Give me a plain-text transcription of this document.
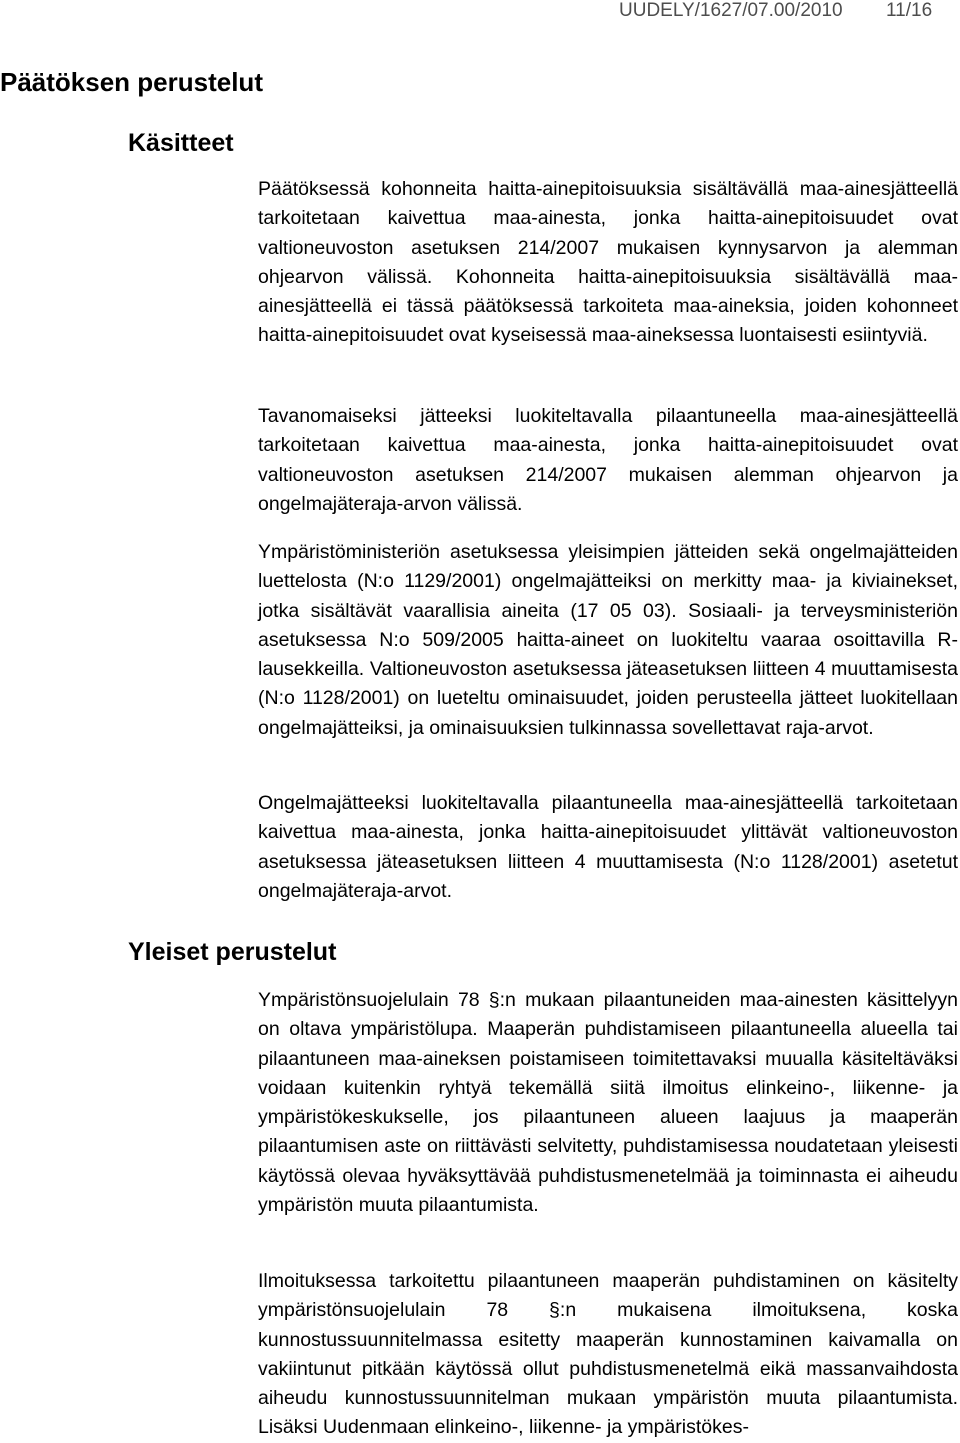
UUDELY/1627/07.00/2010 11/16
Päätöksen perustelut
Käsitteet

Päätöksessä kohonneita haitta-ainepitoisuuksia sisältävällä maa-ainesjätteellä tarkoitetaan kaivettua maa-ainesta, jonka haitta-ainepitoisuudet ovat valtioneuvoston asetuksen 214/2007 mukaisen kynnysarvon ja alemman ohjearvon välissä. Kohonneita haitta-ainepitoisuuksia sisältävällä maa-ainesjätteellä ei tässä päätöksessä tarkoiteta maa-aineksia, joiden kohonneet haitta-ainepitoisuudet ovat kyseisessä maa-aineksessa luontaisesti esiintyviä.

Tavanomaiseksi jätteeksi luokiteltavalla pilaantuneella maa-ainesjätteellä tarkoitetaan kaivettua maa-ainesta, jonka haitta-ainepitoisuudet ovat valtioneuvoston asetuksen 214/2007 mukaisen alemman ohjearvon ja ongelmajäteraja-arvon välissä.

Ympäristöministeriön asetuksessa yleisimpien jätteiden sekä ongelmajätteiden luettelosta (N:o 1129/2001) ongelmajätteiksi on merkitty maa- ja kiviainekset, jotka sisältävät vaarallisia aineita (17 05 03). Sosiaali- ja terveysministeriön asetuksessa N:o 509/2005 haitta-aineet on luokiteltu vaaraa osoittavilla R-lausekkeilla. Valtioneuvoston asetuksessa jäteasetuksen liitteen 4 muuttamisesta (N:o 1128/2001) on lueteltu ominaisuudet, joiden perusteella jätteet luokitellaan ongelmajätteiksi, ja ominaisuuksien tulkinnassa sovellettavat raja-arvot.

Ongelmajätteeksi luokiteltavalla pilaantuneella maa-ainesjätteellä tarkoitetaan kaivettua maa-ainesta, jonka haitta-ainepitoisuudet ylittävät valtioneuvoston asetuksessa jäteasetuksen liitteen 4 muuttamisesta (N:o 1128/2001) asetetut ongelmajäteraja-arvot.

Yleiset perustelut

Ympäristönsuojelulain 78 §:n mukaan pilaantuneiden maa-ainesten käsittelyyn on oltava ympäristölupa. Maaperän puhdistamiseen pilaantuneella alueella tai pilaantuneen maa-aineksen poistamiseen toimitettavaksi muualla käsiteltäväksi voidaan kuitenkin ryhtyä tekemällä siitä ilmoitus elinkeino-, liikenne- ja ympäristökeskukselle, jos pilaantuneen alueen laajuus ja maaperän pilaantumisen aste on riittävästi selvitetty, puhdistamisessa noudatetaan yleisesti käytössä olevaa hyväksyttävää puhdistusmenetelmää ja toiminnasta ei aiheudu ympäristön muuta pilaantumista.

Ilmoituksessa tarkoitettu pilaantuneen maaperän puhdistaminen on käsitelty ympäristönsuojelulain 78 §:n mukaisena ilmoituksena, koska kunnostussuunnitelmassa esitetty maaperän kunnostaminen kaivamalla on vakiintunut pitkään käytössä ollut puhdistusmenetelmä eikä massanvaihdosta aiheudu kunnostussuunnitelman mukaan ympäristön muuta pilaantumista. Lisäksi Uudenmaan elinkeino-, liikenne- ja ympäristökes-
